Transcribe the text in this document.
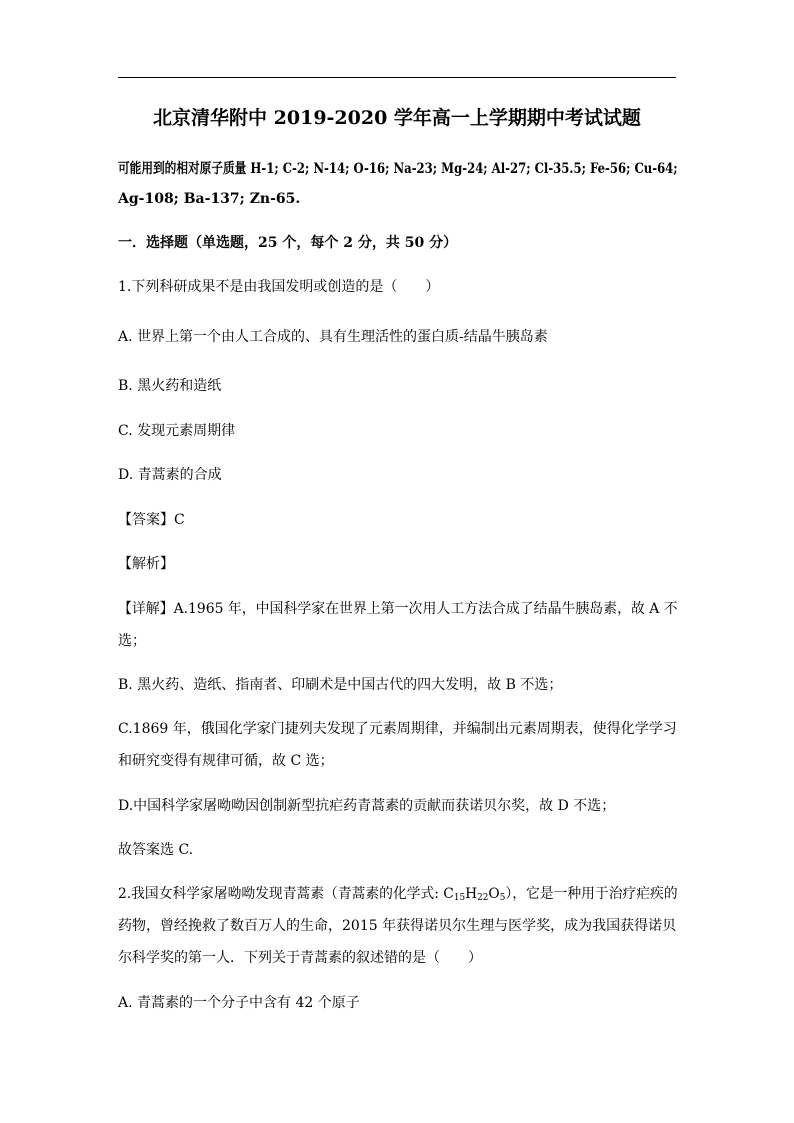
北京清华附中 2019-2020 学年高一上学期期中考试试题
可能用到的相对原子质量 H-1; C-2; N-14; O-16; Na-23; Mg-24; Al-27; Cl-35.5; Fe-56; Cu-64;
Ag-108; Ba-137; Zn-65.
一．选择题（单选题，25 个，每个 2 分，共 50 分）
1.下列科研成果不是由我国发明或创造的是（　　）
A. 世界上第一个由人工合成的、具有生理活性的蛋白质-结晶牛胰岛素
B. 黑火药和造纸
C. 发现元素周期律
D. 青蒿素的合成
【答案】C
【解析】
【详解】A.1965 年，中国科学家在世界上第一次用人工方法合成了结晶牛胰岛素，故 A 不
选；
B. 黑火药、造纸、指南者、印刷术是中国古代的四大发明，故 B 不选；
C.1869 年，俄国化学家门捷列夫发现了元素周期律，并编制出元素周期表，使得化学学习
和研究变得有规律可循，故 C 选；
D.中国科学家屠呦呦因创制新型抗疟药青蒿素的贡献而获诺贝尔奖，故 D 不选；
故答案选 C.
2.我国女科学家屠呦呦发现青蒿素（青蒿素的化学式: $C_{15}H_{22}O_5$），它是一种用于治疗疟疾的
药物，曾经挽救了数百万人的生命，2015 年获得诺贝尔生理与医学奖，成为我国获得诺贝
尔科学奖的第一人．下列关于青蒿素的叙述错的是（　　）
A. 青蒿素的一个分子中含有 42 个原子
